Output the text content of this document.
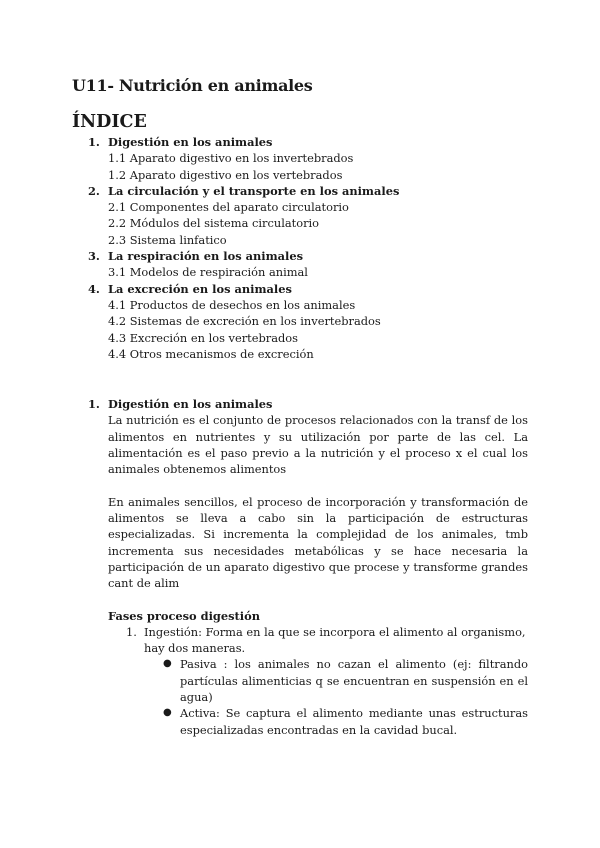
U11- Nutrición en animales
ÍNDICE
1. Digestión en los animales
1.1 Aparato digestivo en los invertebrados
1.2 Aparato digestivo en los vertebrados
2. La circulación y el transporte en los animales
2.1 Componentes del aparato circulatorio
2.2 Módulos del sistema circulatorio
2.3 Sistema linfatico
3. La respiración en los animales
3.1 Modelos de respiración animal
4. La excreción en los animales
4.1 Productos de desechos en los animales
4.2 Sistemas de excreción en los invertebrados
4.3 Excreción en los vertebrados
4.4 Otros mecanismos de excreción
1. Digestión en los animales

La nutrición es el conjunto de procesos relacionados con la transf de los alimentos en nutrientes y su utilización por parte de las cel. La alimentación es el paso previo a la nutrición y el proceso x el cual los animales obtenemos alimentos

En animales sencillos, el proceso de incorporación y transformación de alimentos se lleva a cabo sin la participación de estructuras especializadas. Si incrementa la complejidad de los animales, tmb incrementa sus necesidades metabólicas y se hace necesaria la participación de un aparato digestivo que procese y transforme grandes cant de alim

Fases proceso digestión
1. Ingestión: Forma en la que se incorpora el alimento al organismo, hay dos maneras.
● Pasiva : los animales no cazan el alimento (ej: filtrando partículas alimenticias q se encuentran en suspensión en el agua)
● Activa: Se captura el alimento mediante unas estructuras especializadas encontradas en la cavidad bucal.
